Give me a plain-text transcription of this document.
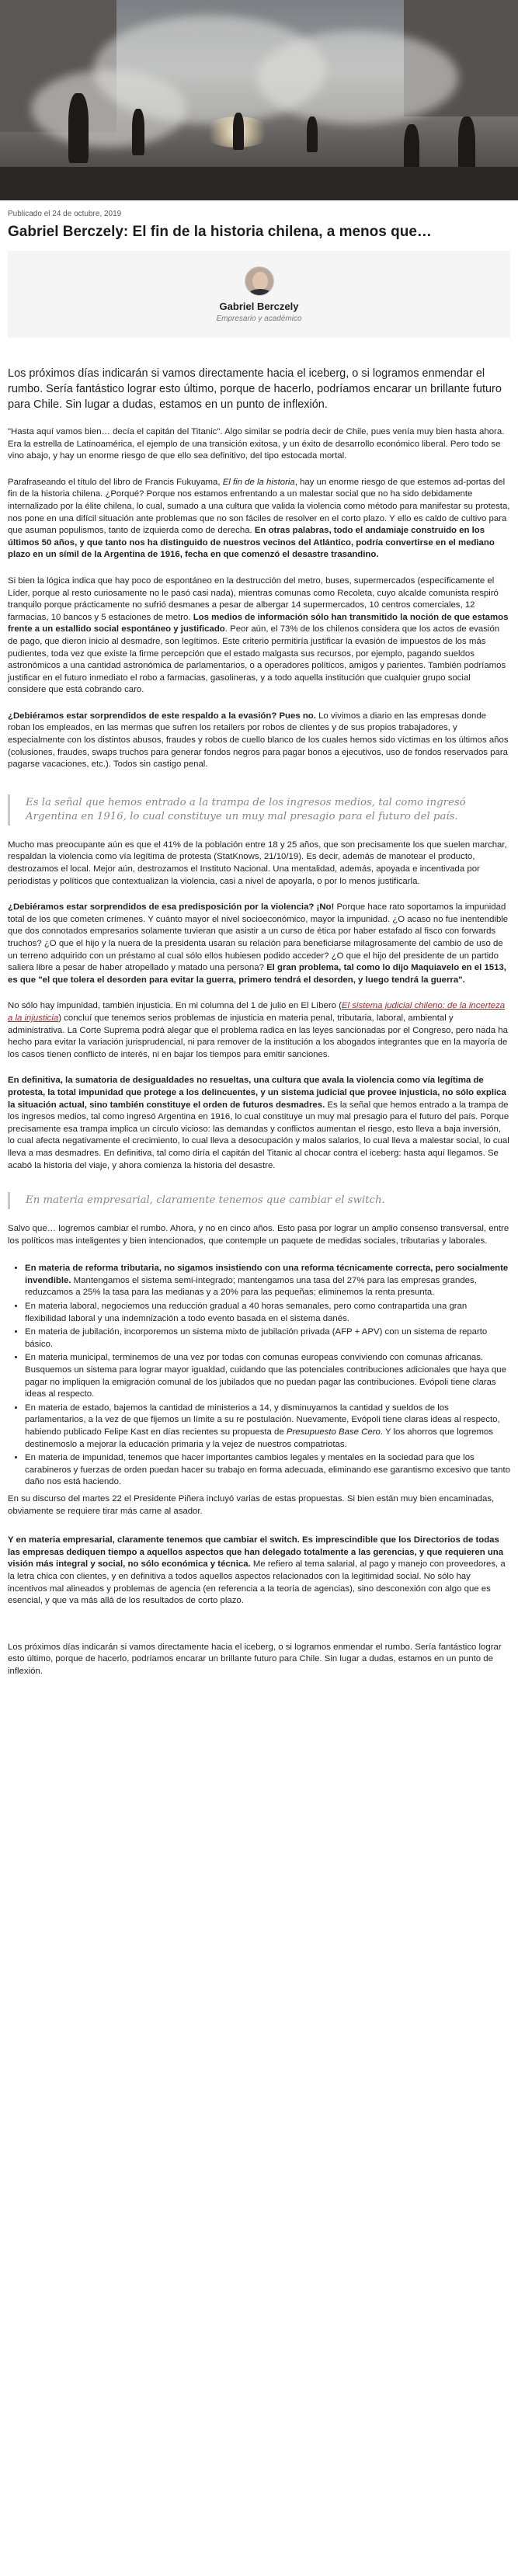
Publicado el 24 de octubre, 2019
Gabriel Berczely: El fin de la historia chilena, a menos que…
Gabriel Berczely
Empresario y académico

Los próximos días indicarán si vamos directamente hacia el iceberg, o si logramos enmendar el rumbo. Sería fantástico lograr esto último, porque de hacerlo, podríamos encarar un brillante futuro para Chile. Sin lugar a dudas, estamos en un punto de inflexión.

"Hasta aquí vamos bien… decía el capitán del Titanic". Algo similar se podría decir de Chile, pues venía muy bien hasta ahora. Era la estrella de Latinoamérica, el ejemplo de una transición exitosa, y un éxito de desarrollo económico liberal. Pero todo se vino abajo, y hay un enorme riesgo de que ello sea definitivo, del tipo estocada mortal.

Parafraseando el título del libro de Francis Fukuyama, El fin de la historia, hay un enorme riesgo de que estemos ad-portas del fin de la historia chilena. ¿Porqué? Porque nos estamos enfrentando a un malestar social que no ha sido debidamente internalizado por la élite chilena, lo cual, sumado a una cultura que valida la violencia como método para manifestar su protesta, nos pone en una difícil situación ante problemas que no son fáciles de resolver en el corto plazo. Y ello es caldo de cultivo para que asuman populismos, tanto de izquierda como de derecha. En otras palabras, todo el andamiaje construido en los últimos 50 años, y que tanto nos ha distinguido de nuestros vecinos del Atlántico, podría convertirse en el mediano plazo en un símil de la Argentina de 1916, fecha en que comenzó el desastre trasandino.

Si bien la lógica indica que hay poco de espontáneo en la destrucción del metro, buses, supermercados (específicamente el Líder, porque al resto curiosamente no le pasó casi nada), mientras comunas como Recoleta, cuyo alcalde comunista respiró tranquilo porque prácticamente no sufrió desmanes a pesar de albergar 14 supermercados, 10 centros comerciales, 12 farmacias, 10 bancos y 5 estaciones de metro. Los medios de información sólo han transmitido la noción de que estamos frente a un estallido social espontáneo y justificado. Peor aún, el 73% de los chilenos considera que los actos de evasión de pago, que dieron inicio al desmadre, son legítimos. Este criterio permitiría justificar la evasión de impuestos de los más pudientes, toda vez que existe la firme percepción que el estado malgasta sus recursos, por ejemplo, pagando sueldos astronómicos a una cantidad astronómica de parlamentarios, o a operadores políticos, amigos y parientes. También podríamos justificar en el futuro inmediato el robo a farmacias, gasolineras, y a todo aquella institución que cualquier grupo social considere que está cobrando caro.

¿Debiéramos estar sorprendidos de este respaldo a la evasión? Pues no. Lo vivimos a diario en las empresas donde roban los empleados, en las mermas que sufren los retailers por robos de clientes y de sus propios trabajadores, y especialmente con los distintos abusos, fraudes y robos de cuello blanco de los cuales hemos sido víctimas en los últimos años (colusiones, fraudes, swaps truchos para generar fondos negros para pagar bonos a ejecutivos, uso de fondos reservados para pagarse vacaciones, etc.). Todos sin castigo penal.

Es la señal que hemos entrado a la trampa de los ingresos medios, tal como ingresó Argentina en 1916, lo cual constituye un muy mal presagio para el futuro del país.

Mucho mas preocupante aún es que el 41% de la población entre 18 y 25 años, que son precisamente los que suelen marchar, respaldan la violencia como vía legítima de protesta (StatKnows, 21/10/19). Es decir, además de manotear el producto, destrozamos el local. Mejor aún, destrozamos el Instituto Nacional. Una mentalidad, además, apoyada e incentivada por periodistas y políticos que contextualizan la violencia, casi a nivel de apoyarla, o por lo menos justificarla.

¿Debiéramos estar sorprendidos de esa predisposición por la violencia? ¡No! Porque hace rato soportamos la impunidad total de los que cometen crímenes. Y cuánto mayor el nivel socioeconómico, mayor la impunidad. ¿O acaso no fue inentendible que dos connotados empresarios solamente tuvieran que asistir a un curso de ética por haber estafado al fisco con forwards truchos? ¿O que el hijo y la nuera de la presidenta usaran su relación para beneficiarse milagrosamente del cambio de uso de un terreno adquirido con un préstamo al cual sólo ellos hubiesen podido acceder? ¿O que el hijo del presidente de un partido saliera libre a pesar de haber atropellado y matado una persona? El gran problema, tal como lo dijo Maquiavelo en el 1513, es que "el que tolera el desorden para evitar la guerra, primero tendrá el desorden, y luego tendrá la guerra".

No sólo hay impunidad, también injusticia. En mi columna del 1 de julio en El Líbero (El sistema judicial chileno: de la incerteza a la injusticia) concluí que tenemos serios problemas de injusticia en materia penal, tributaria, laboral, ambiental y administrativa. La Corte Suprema podrá alegar que el problema radica en las leyes sancionadas por el Congreso, pero nada ha hecho para evitar la variación jurisprudencial, ni para remover de la institución a los abogados integrantes que en la mayoría de los casos tienen conflicto de interés, ni en bajar los tiempos para emitir sanciones.

En definitiva, la sumatoria de desigualdades no resueltas, una cultura que avala la violencia como vía legítima de protesta, la total impunidad que protege a los delincuentes, y un sistema judicial que provee injusticia, no sólo explica la situación actual, sino también constituye el orden de futuros desmadres. Es la señal que hemos entrado a la trampa de los ingresos medios, tal como ingresó Argentina en 1916, lo cual constituye un muy mal presagio para el futuro del país. Porque precisamente esa trampa implica un círculo vicioso: las demandas y conflictos aumentan el riesgo, esto lleva a baja inversión, lo cual afecta negativamente el crecimiento, lo cual lleva a desocupación y malos salarios, lo cual lleva a malestar social, lo cual lleva a mas desmadres. En definitiva, tal como diría el capitán del Titanic al chocar contra el iceberg: hasta aquí llegamos. Se acabó la historia del viaje, y ahora comienza la historia del desastre.

En materia empresarial, claramente tenemos que cambiar el switch.

Salvo que… logremos cambiar el rumbo. Ahora, y no en cinco años. Esto pasa por lograr un amplio consenso transversal, entre los políticos mas inteligentes y bien intencionados, que contemple un paquete de medidas sociales, tributarias y laborales.

• En materia de reforma tributaria, no sigamos insistiendo con una reforma técnicamente correcta, pero socialmente invendible. Mantengamos el sistema semi-integrado; mantengamos una tasa del 27% para las empresas grandes, reduzcamos a 25% la tasa para las medianas y a 20% para las pequeñas; eliminemos la renta presunta.
• En materia laboral, negociemos una reducción gradual a 40 horas semanales, pero como contrapartida una gran flexibilidad laboral y una indemnización a todo evento basada en el sistema danés.
• En materia de jubilación, incorporemos un sistema mixto de jubilación privada (AFP + APV) con un sistema de reparto básico.
• En materia municipal, terminemos de una vez por todas con comunas europeas conviviendo con comunas africanas. Busquemos un sistema para lograr mayor igualdad, cuidando que las potenciales contribuciones adicionales que haya que pagar no impliquen la emigración comunal de los jubilados que no puedan pagar las contribuciones. Evópoli tiene claras ideas al respecto.
• En materia de estado, bajemos la cantidad de ministerios a 14, y disminuyamos la cantidad y sueldos de los parlamentarios, a la vez de que fijemos un límite a su re postulación. Nuevamente, Evópoli tiene claras ideas al respecto, habiendo publicado Felipe Kast en días recientes su propuesta de Presupuesto Base Cero. Y los ahorros que logremos destinemoslo a mejorar la educación primaria y la vejez de nuestros compatriotas.
• En materia de impunidad, tenemos que hacer importantes cambios legales y mentales en la sociedad para que los carabineros y fuerzas de orden puedan hacer su trabajo en forma adecuada, eliminando ese garantismo excesivo que tanto daño nos está haciendo.

En su discurso del martes 22 el Presidente Piñera incluyó varias de estas propuestas. Si bien están muy bien encaminadas, obviamente se requiere tirar más carne al asador.

Y en materia empresarial, claramente tenemos que cambiar el switch. Es imprescindible que los Directorios de todas las empresas dediquen tiempo a aquellos aspectos que han delegado totalmente a las gerencias, y que requieren una visión más integral y social, no sólo económica y técnica. Me refiero al tema salarial, al pago y manejo con proveedores, a la letra chica con clientes, y en definitiva a todos aquellos aspectos relacionados con la legitimidad social. No sólo hay incentivos mal alineados y problemas de agencia (en referencia a la teoría de agencias), sino desconexión con algo que es esencial, y que va más allá de los resultados de corto plazo.

Los próximos días indicarán si vamos directamente hacia el iceberg, o si logramos enmendar el rumbo. Sería fantástico lograr esto último, porque de hacerlo, podríamos encarar un brillante futuro para Chile. Sin lugar a dudas, estamos en un punto de inflexión.
